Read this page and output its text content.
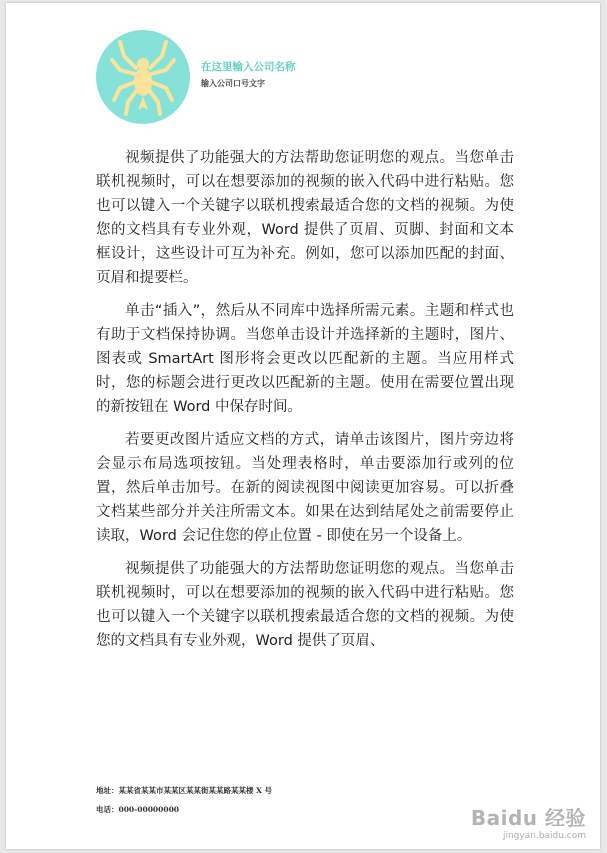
在这里输入公司名称
输入公司口号文字

视频提供了功能强大的方法帮助您证明您的观点。当您单击联机视频时，可以在想要添加的视频的嵌入代码中进行粘贴。您也可以键入一个关键字以联机搜索最适合您的文档的视频。为使您的文档具有专业外观，Word 提供了页眉、页脚、封面和文本框设计，这些设计可互为补充。例如，您可以添加匹配的封面、页眉和提要栏。

单击“插入”，然后从不同库中选择所需元素。主题和样式也有助于文档保持协调。当您单击设计并选择新的主题时，图片、图表或 SmartArt 图形将会更改以匹配新的主题。当应用样式时，您的标题会进行更改以匹配新的主题。使用在需要位置出现的新按钮在 Word 中保存时间。

若要更改图片适应文档的方式，请单击该图片，图片旁边将会显示布局选项按钮。当处理表格时，单击要添加行或列的位置，然后单击加号。在新的阅读视图中阅读更加容易。可以折叠文档某些部分并关注所需文本。如果在达到结尾处之前需要停止读取，Word 会记住您的停止位置 - 即使在另一个设备上。

视频提供了功能强大的方法帮助您证明您的观点。当您单击联机视频时，可以在想要添加的视频的嵌入代码中进行粘贴。您也可以键入一个关键字以联机搜索最适合您的文档的视频。为使您的文档具有专业外观，Word 提供了页眉、

地址：某某省某某市某某区某某街某某路某某楼 X 号
电话：000-00000000	Baidu 经验
jingyan.baidu.com
